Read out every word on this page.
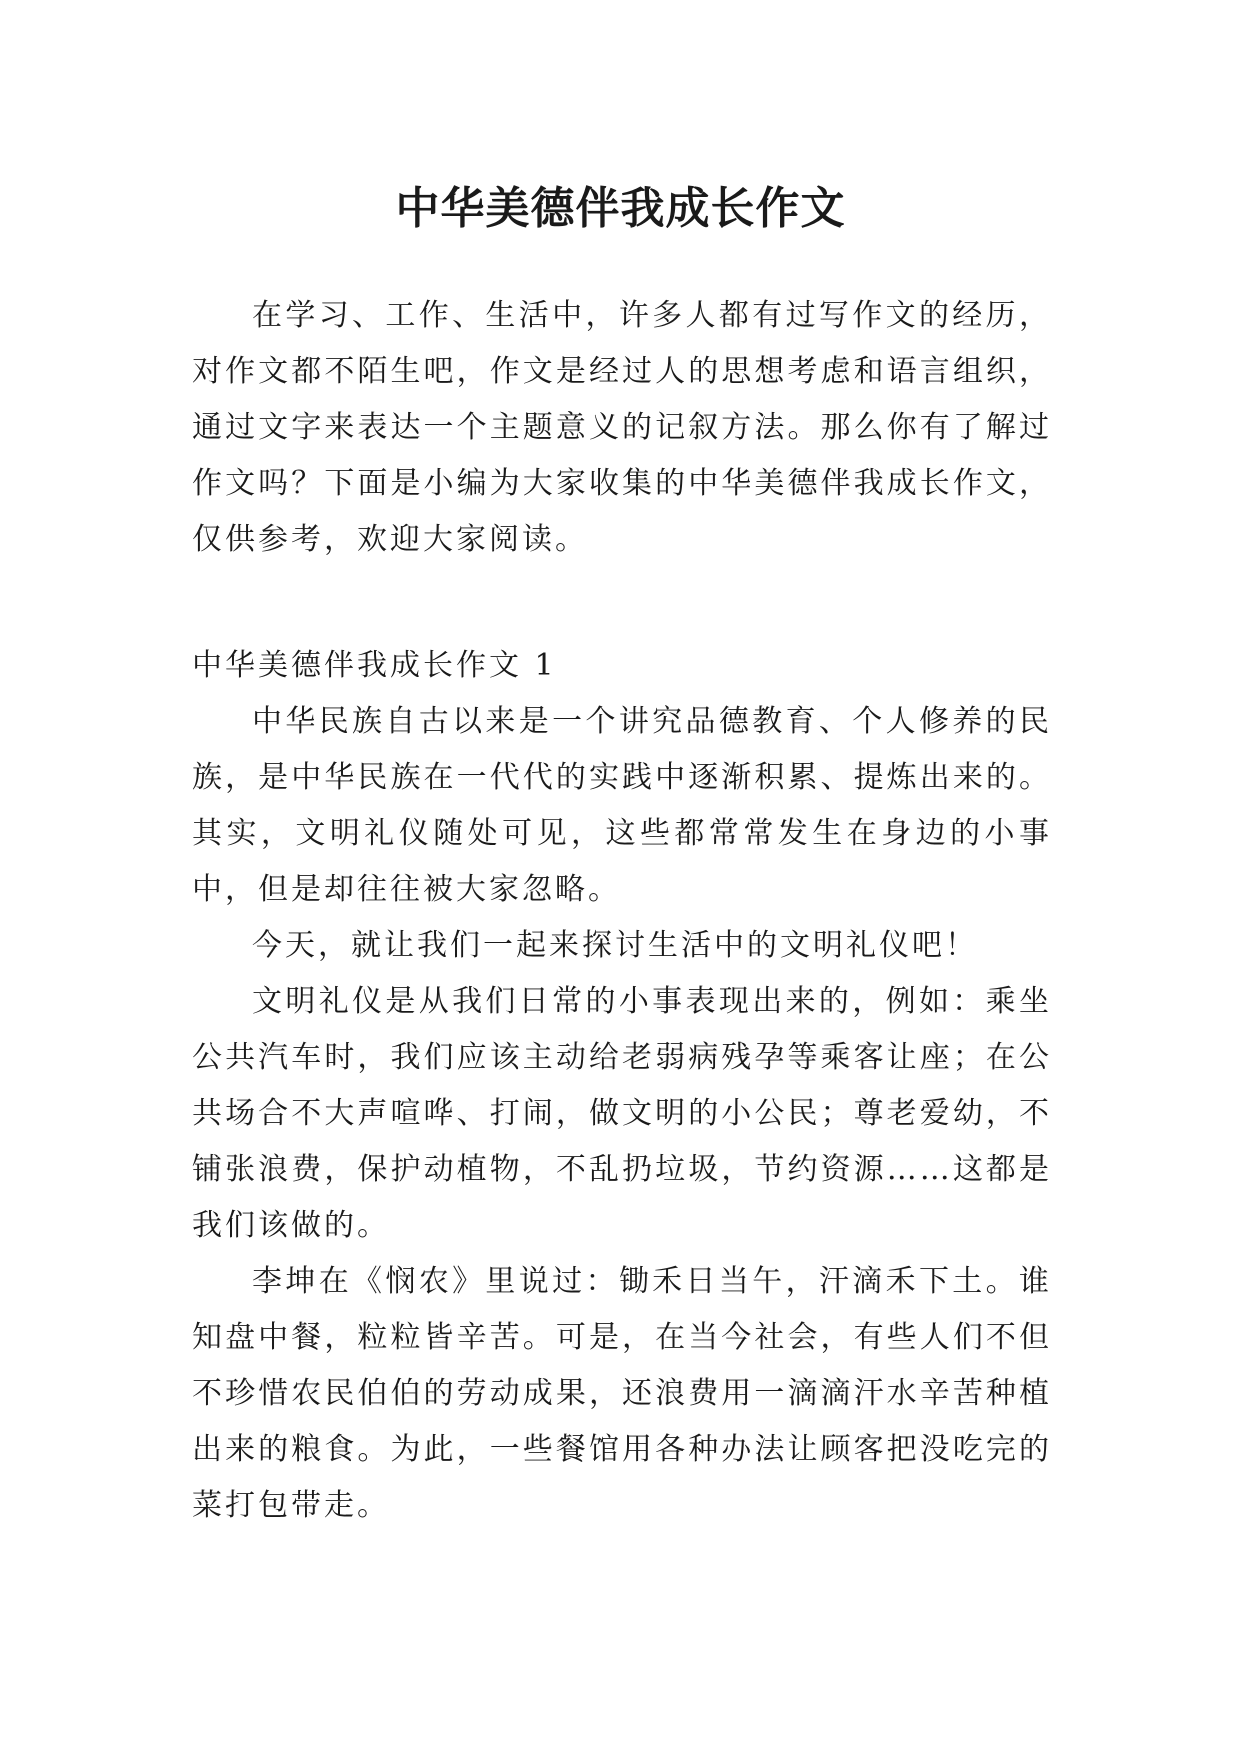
中华美德伴我成长作文

在学习、工作、生活中，许多人都有过写作文的经历，对作文都不陌生吧，作文是经过人的思想考虑和语言组织，通过文字来表达一个主题意义的记叙方法。那么你有了解过作文吗？下面是小编为大家收集的中华美德伴我成长作文，仅供参考，欢迎大家阅读。

中华美德伴我成长作文 1

中华民族自古以来是一个讲究品德教育、个人修养的民族，是中华民族在一代代的实践中逐渐积累、提炼出来的。其实，文明礼仪随处可见，这些都常常发生在身边的小事中，但是却往往被大家忽略。

今天，就让我们一起来探讨生活中的文明礼仪吧！

文明礼仪是从我们日常的小事表现出来的，例如：乘坐公共汽车时，我们应该主动给老弱病残孕等乘客让座；在公共场合不大声喧哗、打闹，做文明的小公民；尊老爱幼，不铺张浪费，保护动植物，不乱扔垃圾，节约资源……这都是我们该做的。

李坤在《悯农》里说过：锄禾日当午，汗滴禾下土。谁知盘中餐，粒粒皆辛苦。可是，在当今社会，有些人们不但不珍惜农民伯伯的劳动成果，还浪费用一滴滴汗水辛苦种植出来的粮食。为此，一些餐馆用各种办法让顾客把没吃完的菜打包带走。
